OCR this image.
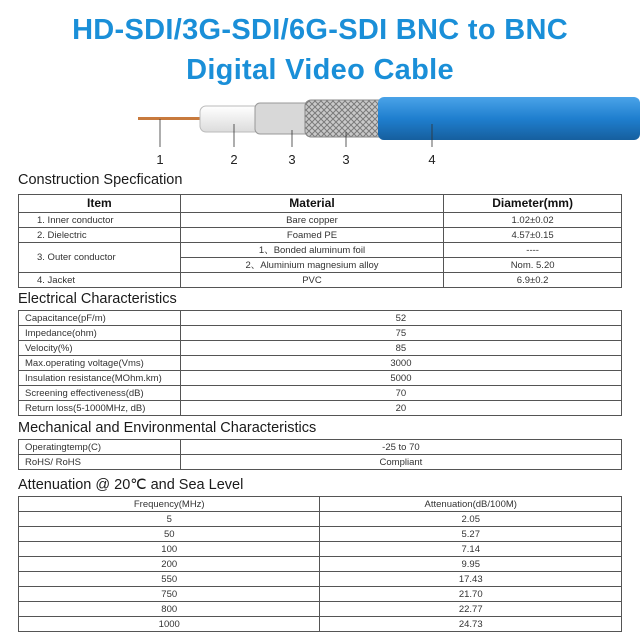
HD-SDI/3G-SDI/6G-SDI BNC to BNC
Digital Video Cable
1	2	3	3	4
Construction Specfication
Item	Material	Diameter(mm)
1. Inner conductor	Bare copper	1.02±0.02
2. Dielectric	Foamed PE	4.57±0.15
3. Outer conductor	1、Bonded aluminum foil	----
	2、Aluminium magnesium alloy	Nom. 5.20
4. Jacket	PVC	6.9±0.2
Electrical Characteristics
Capacitance(pF/m)	52
Impedance(ohm)	75
Velocity(%)	85
Max.operating voltage(Vms)	3000
Insulation resistance(MOhm.km)	5000
Screening effectiveness(dB)	70
Return loss(5-1000MHz, dB)	20
Mechanical and Environmental Characteristics
Operatingtemp(C)	-25 to 70
RoHS/ RoHS	Compliant
Attenuation @ 20℃ and Sea Level
Frequency(MHz)	Attenuation(dB/100M)
5	2.05
50	5.27
100	7.14
200	9.95
550	17.43
750	21.70
800	22.77
1000	24.73
